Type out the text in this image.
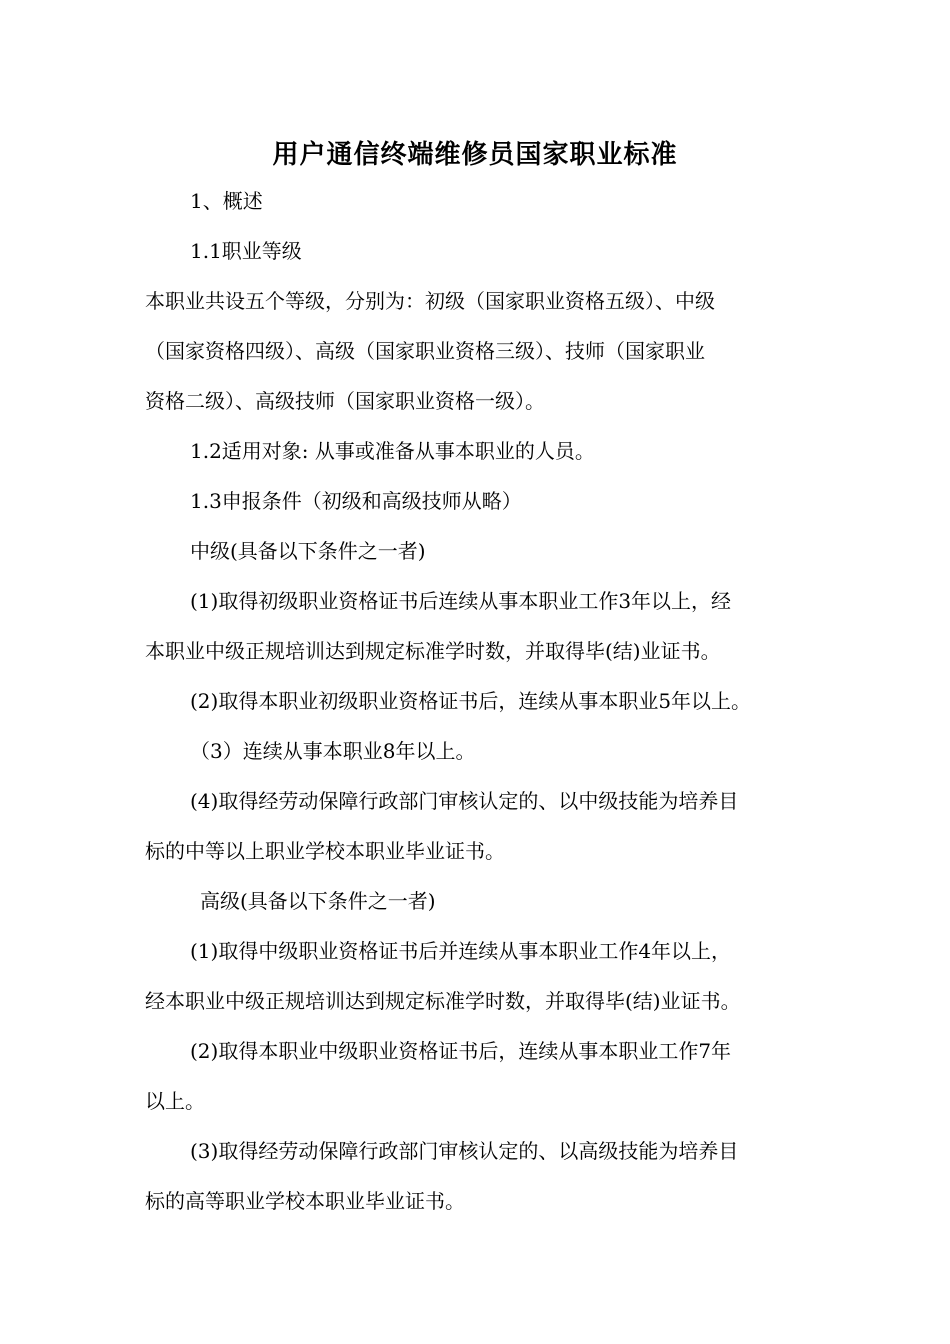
用户通信终端维修员国家职业标准
1、概述
1.1职业等级
本职业共设五个等级，分别为：初级（国家职业资格五级）、中级
（国家资格四级）、高级（国家职业资格三级）、技师（国家职业
资格二级）、高级技师（国家职业资格一级）。
1.2适用对象: 从事或准备从事本职业的人员。
1.3申报条件（初级和高级技师从略）
中级(具备以下条件之一者)
(1)取得初级职业资格证书后连续从事本职业工作3年以上，经
本职业中级正规培训达到规定标准学时数，并取得毕(结)业证书。
(2)取得本职业初级职业资格证书后，连续从事本职业5年以上。
（3）连续从事本职业8年以上。
(4)取得经劳动保障行政部门审核认定的、以中级技能为培养目
标的中等以上职业学校本职业毕业证书。
高级(具备以下条件之一者)
(1)取得中级职业资格证书后并连续从事本职业工作4年以上，
经本职业中级正规培训达到规定标准学时数，并取得毕(结)业证书。
(2)取得本职业中级职业资格证书后，连续从事本职业工作7年
以上。
(3)取得经劳动保障行政部门审核认定的、以高级技能为培养目
标的高等职业学校本职业毕业证书。
